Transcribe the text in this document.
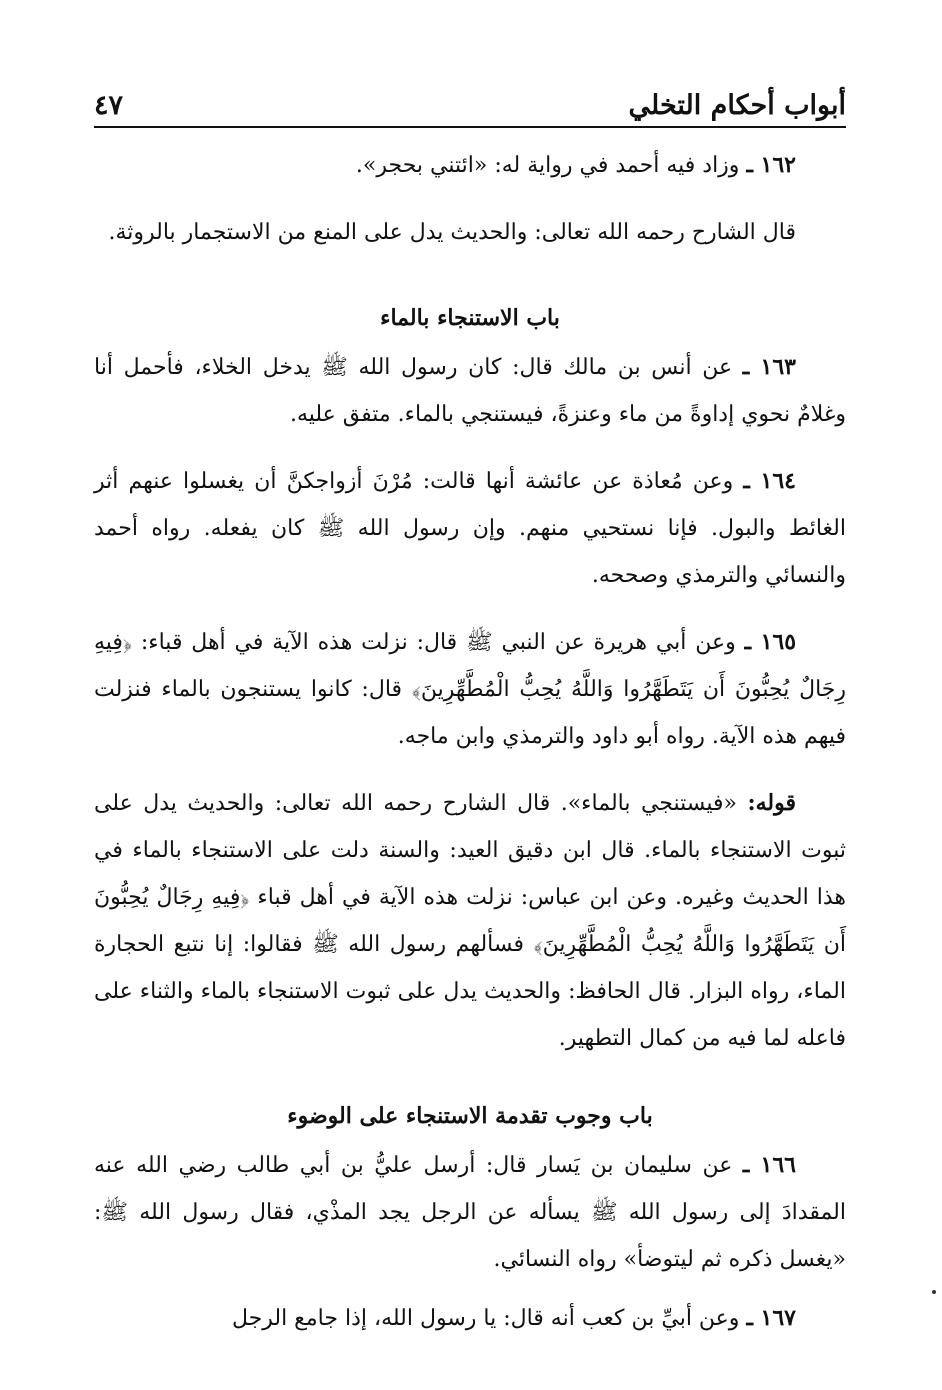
أبواب أحكام التخلي
٤٧

١٦٢ ـ وزاد فيه أحمد في رواية له: «ائتني بحجر».

قال الشارح رحمه الله تعالى: والحديث يدل على المنع من الاستجمار بالروثة.

باب الاستنجاء بالماء

١٦٣ ـ عن أنس بن مالك قال: كان رسول الله ﷺ يدخل الخلاء، فأحمل أنا وغلامٌ نحوي إداوةً من ماء وعنزةً، فيستنجي بالماء. متفق عليه.

١٦٤ ـ وعن مُعاذة عن عائشة أنها قالت: مُرْنَ أزواجكنَّ أن يغسلوا عنهم أثر الغائط والبول. فإنا نستحيي منهم. وإن رسول الله ﷺ كان يفعله. رواه أحمد والنسائي والترمذي وصححه.

١٦٥ ـ وعن أبي هريرة عن النبي ﷺ قال: نزلت هذه الآية في أهل قباء: ﴿فِيهِ رِجَالٌ يُحِبُّونَ أَن يَتَطَهَّرُوا وَاللَّهُ يُحِبُّ الْمُطَّهِّرِينَ﴾ قال: كانوا يستنجون بالماء فنزلت فيهم هذه الآية. رواه أبو داود والترمذي وابن ماجه.

قوله: «فيستنجي بالماء». قال الشارح رحمه الله تعالى: والحديث يدل على ثبوت الاستنجاء بالماء. قال ابن دقيق العيد: والسنة دلت على الاستنجاء بالماء في هذا الحديث وغيره. وعن ابن عباس: نزلت هذه الآية في أهل قباء ﴿فِيهِ رِجَالٌ يُحِبُّونَ أَن يَتَطَهَّرُوا وَاللَّهُ يُحِبُّ الْمُطَّهِّرِينَ﴾ فسألهم رسول الله ﷺ فقالوا: إنا نتبع الحجارة الماء، رواه البزار. قال الحافظ: والحديث يدل على ثبوت الاستنجاء بالماء والثناء على فاعله لما فيه من كمال التطهير.

باب وجوب تقدمة الاستنجاء على الوضوء

١٦٦ ـ عن سليمان بن يَسار قال: أرسل عليُّ بن أبي طالب رضي الله عنه المقدادَ إلى رسول الله ﷺ يسأله عن الرجل يجد المذْي، فقال رسول الله ﷺ: «يغسل ذكره ثم ليتوضأ» رواه النسائي.

١٦٧ ـ وعن أبيِّ بن كعب أنه قال: يا رسول الله، إذا جامع الرجل
